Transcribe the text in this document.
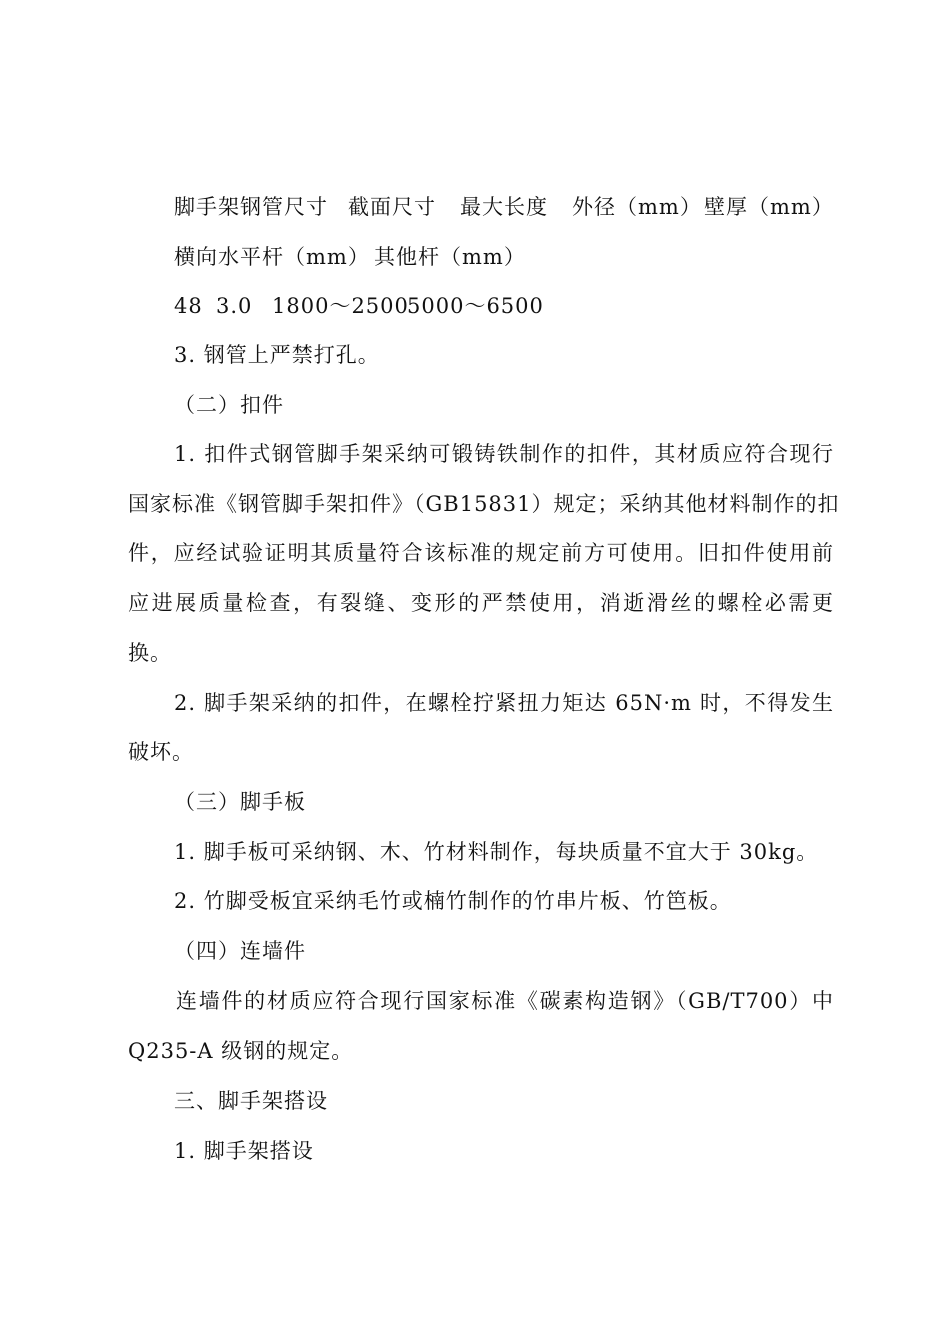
脚手架钢管尺寸 截面尺寸 最大长度 外径（mm） 壁厚（mm）
横向水平杆（mm） 其他杆（mm）
48 3.0 1800～25005000～6500
3. 钢管上严禁打孔。
（二）扣件
1. 扣件式钢管脚手架采纳可锻铸铁制作的扣件，其材质应符合现行
国家标准《钢管脚手架扣件》（GB15831）规定；采纳其他材料制作的扣
件，应经试验证明其质量符合该标准的规定前方可使用。旧扣件使用前
应进展质量检查，有裂缝、变形的严禁使用，消逝滑丝的螺栓必需更
换。
2. 脚手架采纳的扣件，在螺栓拧紧扭力矩达 65N·m 时，不得发生
破坏。
（三）脚手板
1. 脚手板可采纳钢、木、竹材料制作，每块质量不宜大于 30kg。
2. 竹脚受板宜采纳毛竹或楠竹制作的竹串片板、竹笆板。
（四）连墙件
连墙件的材质应符合现行国家标准《碳素构造钢》（GB/T700）中
Q235-A 级钢的规定。
三、脚手架搭设
1. 脚手架搭设
